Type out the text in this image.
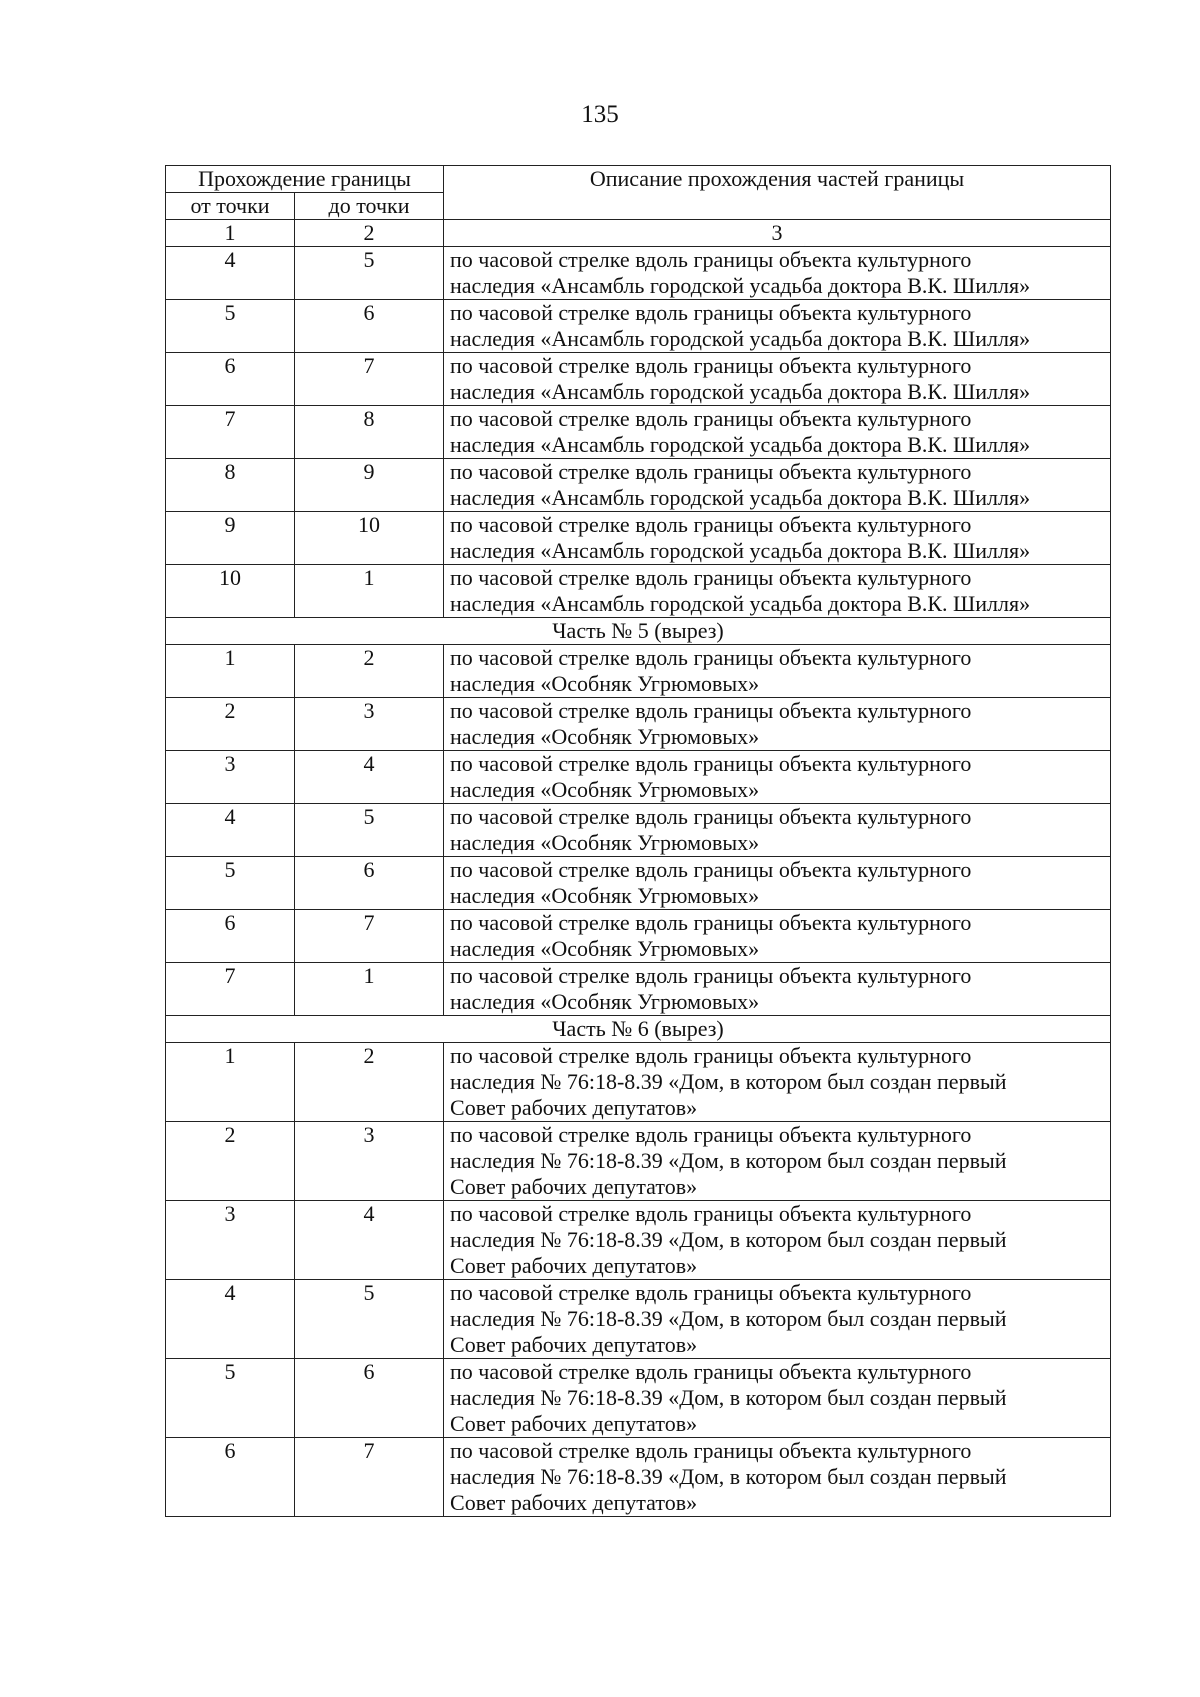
135
Прохождение границы		Описание прохождения частей границы
от точки	до точки	
1	2	3
4	5	по часовой стрелке вдоль границы объекта культурного
наследия «Ансамбль городской усадьба доктора В.К. Шилля»

5	6	по часовой стрелке вдоль границы объекта культурного
наследия «Ансамбль городской усадьба доктора В.К. Шилля»

6	7	по часовой стрелке вдоль границы объекта культурного
наследия «Ансамбль городской усадьба доктора В.К. Шилля»

7	8	по часовой стрелке вдоль границы объекта культурного
наследия «Ансамбль городской усадьба доктора В.К. Шилля»

8	9	по часовой стрелке вдоль границы объекта культурного
наследия «Ансамбль городской усадьба доктора В.К. Шилля»

9	10	по часовой стрелке вдоль границы объекта культурного
наследия «Ансамбль городской усадьба доктора В.К. Шилля»

10	1	по часовой стрелке вдоль границы объекта культурного
наследия «Ансамбль городской усадьба доктора В.К. Шилля»

Часть № 5 (вырез)		
1	2	по часовой стрелке вдоль границы объекта культурного
наследия «Особняк Угрюмовых»

2	3	по часовой стрелке вдоль границы объекта культурного
наследия «Особняк Угрюмовых»

3	4	по часовой стрелке вдоль границы объекта культурного
наследия «Особняк Угрюмовых»

4	5	по часовой стрелке вдоль границы объекта культурного
наследия «Особняк Угрюмовых»

5	6	по часовой стрелке вдоль границы объекта культурного
наследия «Особняк Угрюмовых»

6	7	по часовой стрелке вдоль границы объекта культурного
наследия «Особняк Угрюмовых»

7	1	по часовой стрелке вдоль границы объекта культурного
наследия «Особняк Угрюмовых»

Часть № 6 (вырез)		
1	2	по часовой стрелке вдоль границы объекта культурного
наследия № 76:18-8.39 «Дом, в котором был создан первый
Совет рабочих депутатов»

2	3	по часовой стрелке вдоль границы объекта культурного
наследия № 76:18-8.39 «Дом, в котором был создан первый
Совет рабочих депутатов»

3	4	по часовой стрелке вдоль границы объекта культурного
наследия № 76:18-8.39 «Дом, в котором был создан первый
Совет рабочих депутатов»

4	5	по часовой стрелке вдоль границы объекта культурного
наследия № 76:18-8.39 «Дом, в котором был создан первый
Совет рабочих депутатов»

5	6	по часовой стрелке вдоль границы объекта культурного
наследия № 76:18-8.39 «Дом, в котором был создан первый
Совет рабочих депутатов»

6	7	по часовой стрелке вдоль границы объекта культурного
наследия № 76:18-8.39 «Дом, в котором был создан первый
Совет рабочих депутатов»
